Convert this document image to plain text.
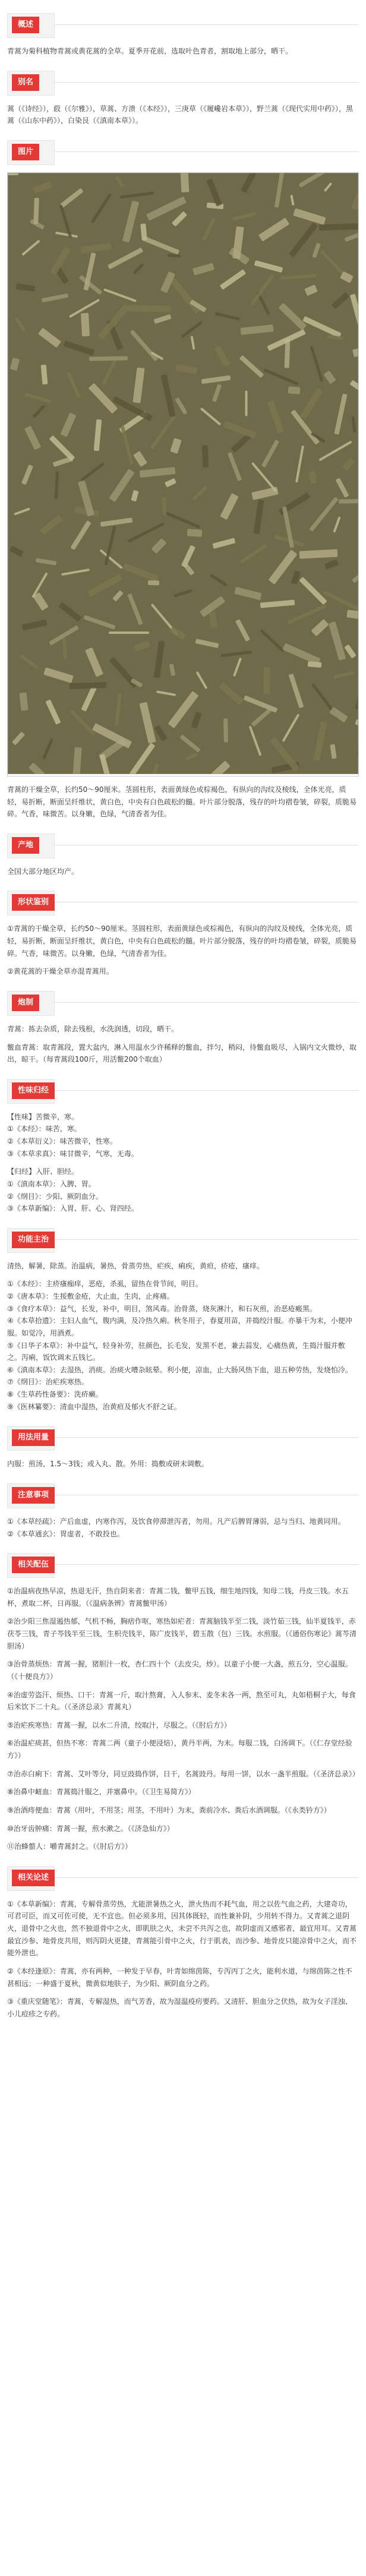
概述
青蒿为菊科植物青蒿或黄花蒿的全草。夏季开花前，选取叶色青者，割取地上部分，晒干。
别名
蒿（《诗经》），菣（《尔雅》），草蒿、方溃（《本经》），三庚草（《履巉岩本草》），野兰蒿（《现代实用中药》），黑蒿（《山东中药》），白染艮（《滇南本草》）。
图片
青蒿的干燥全草，长约50～90厘米。茎圆柱形，表面黄绿色或棕褐色，有纵向的沟纹及棱线，全体光亮，质轻，易折断，断面呈纤维状，黄白色，中央有白色疏松的髓。叶片部分脱落，残存的叶均褶卷皱，碎裂，质脆易碎。气香，味微苦。以身嫩，色绿，气清香者为佳。
产地
全国大部分地区均产。
形状鉴别
①青蒿的干燥全草，长约50～90厘米。茎圆柱形，表面黄绿色或棕褐色，有纵向的沟纹及棱线，全体光亮，质轻，易折断，断面呈纤维状，黄白色，中央有白色疏松的髓。叶片部分脱落，残存的叶均褶卷皱，碎裂，质脆易碎。气香，味微苦。以身嫩，色绿，气清香者为佳。
②黄花蒿的干燥全草亦混青蒿用。
炮制
青蒿：拣去杂质，除去残根，水洗润透，切段，晒干。
鳖血青蒿：取青蒿段，置大盆内，淋入用温水少许稀释的鳖血，拌匀，稍闷，待鳖血吸尽，入锅内文火微炒，取出，晾干。（每青蒿段100斤，用活鳖200个取血）
性味归经
【性味】苦微辛，寒。
①《本经》：味苦，寒。
②《本草衍义》：味苦微辛，性寒。
③《本草求真》：味甘微辛，气寒，无毒。
【归经】入肝、胆经。
①《滇南本草》：入脾、胃。
②《纲目》：少阳、厥阴血分。
③《本草新编》：入胃、肝、心、肾四经。
功能主治
清热，解暑，除蒸。治温病，暑热，骨蒸劳热，疟疾，痢疾，黄疸，疥疮，瘙痒。
①《本经》：主疥瘙痂痒，恶疮，杀虱，留热在骨节间，明目。
②《唐本草》：生挼敷金疮，大止血，生肉，止疼痛。
③《食疗本草》：益气，长发，补中，明目，煞风毒。治骨蒸，烧灰淋汁，和石灰煎，治恶疮瘢黑。
④《本草拾遗》：主妇人血气，腹内满，及冷热久痢。秋冬用子，春夏用苗，并捣绞汁服。亦暴干为末，小便冲服。如觉冷，用酒煮。
⑤《日华子本草》：补中益气，轻身补劳，驻颜色，长毛发，发黑不老，兼去蒜发，心痛热黄，生捣汁服并敷之。泻痢，饭饮调末五钱匕。
⑥《滇南本草》：去湿热，消痰。治痰火嘈杂眩晕。利小便，凉血，止大肠风热下血，退五种劳热，发烧怕冷。
⑦《纲目》：治疟疾寒热。
⑧《生草药性备要》：洗疥癞。
⑨《医林纂要》：清血中湿热，治黄疸及郁火不舒之证。
用法用量
内服：煎汤，1.5～3钱；或入丸、散。外用：捣敷或研末调敷。
注意事项
①《本草经疏》：产后血虚，内寒作泻，及饮食停滞泄泻者，勿用。凡产后脾胃薄弱，忌与当归、地黄同用。
②《本草通玄》：胃虚者，不敢投也。
相关配伍
①治温病夜热早凉，热退无汗，热自阴来者：青蒿二钱，鳖甲五钱，细生地四钱，知母二钱，丹皮三钱。水五杯，煮取二杯，日再服。（《温病条辨》青蒿鳖甲汤）
②治少阳三焦湿遏热郁，气机不畅，胸痞作呕，寒热如疟者：青蒿脑钱半至二钱，淡竹茹三钱，仙半夏钱半，赤茯苓三钱，青子芩钱半至三钱，生枳壳钱半，陈广皮钱半，碧玉散（包）三钱。水煎服。（《通俗伤寒论》蒿芩清胆汤）
③治骨蒸烦热：青蒿一握，猪胆汁一枚，杏仁四十个（去皮尖，炒）。以童子小便一大盏，煎五分，空心温服。（《十便良方》）
④治虚劳盗汗、烦热、口干：青蒿一斤，取汁熬膏，入人参末、麦冬末各一两，熬至可丸，丸如梧桐子大，每食后米饮下二十丸。（《圣济总录》青蒿丸）
⑤治疟疾寒热：青蒿一握，以水二升渍，绞取汁，尽服之。（《肘后方》）
⑥治温疟痰甚，但热不寒：青蒿二两（童子小便浸焙），黄丹半两，为末。每服二钱，白汤调下。（《仁存堂经验方》）
⑦治赤白痢下：青蒿、艾叶等分，同豆豉捣作饼，日干，名蒿豉丹。每用一饼，以水一盏半煎服。（《圣济总录》）
⑧治鼻中衄血：青蒿捣汁服之，并塞鼻中。（《卫生易简方》）
⑨治酒痔便血：青蒿（用叶，不用茎；用茎，不用叶）为末，粪前冷水、粪后水酒调服。（《永类钤方》）
⑩治牙齿肿痛：青蒿一握，煎水漱之。（《济急仙方》）
⑪治蜂螫人：嚼青蒿封之。（《肘后方》）
相关论述
①《本草新编》：青蒿，专解骨蒸劳热，尤能泄暑热之火，泄火热而不耗气血，用之以佐气血之药，大建奇功，可君可臣，而又可佐可使，无不宜也。但必须多用，因其体既轻，而性兼补阴，少用转不得力。又青蒿之退阴火，退骨中之火也，然不独退骨中之火，即肌肤之火，未尝不共泻之也，故阴虚而又感邪者，最宜用耳。又青蒿最宜沙参、地骨皮共用，则泻阴火更捷，青蒿能引骨中之火，行于肌表，而沙参、地骨皮只能凉骨中之火，而不能外泄也。
②《本经逢原》：青蒿，亦有两种，一种发于早春，叶青如绵茵陈，专泻丙丁之火，能利水道，与绵茵陈之性不甚相远；一种盛于夏秋，微黄似地肤子，为少阳、厥阴血分之药。
③《重庆堂随笔》：青蒿，专解湿热，而气芳香，故为湿温疫疠要药。又清肝、胆血分之伏热，故为女子淫浊、小儿痘疹之专药。
